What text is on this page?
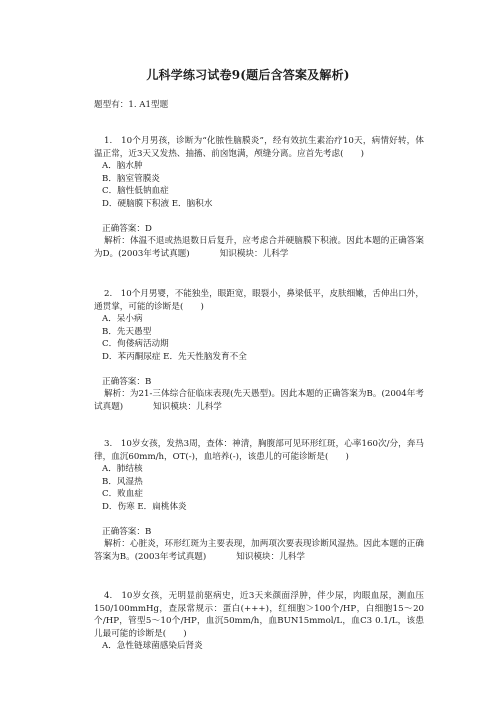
儿科学练习试卷9(题后含答案及解析)
题型有：1. A1型题

1.　10个月男孩，诊断为“化脓性脑膜炎”，经有效抗生素治疗10天，病情好转，体温正常，近3天又发热、抽搐、前囟饱满，颅缝分离。应首先考虑(　　)

A．脑水肿

B．脑室管膜炎

C．脑性低钠血症

D．硬脑膜下积液 E．脑积水

正确答案：D

解析：体温不退或热退数日后复升，应考虑合并硬脑膜下积液。因此本题的正确答案为D。(2003年考试真题)	知识模块：儿科学

2.　10个月男婴，不能独坐，眼距宽，眼裂小，鼻梁低平，皮肤细嫩，舌伸出口外，通贯掌，可能的诊断是(　　)

A．呆小病

B．先天愚型

C．佝偻病活动期

D．苯丙酮尿症 E．先天性脑发育不全

正确答案：B

解析：为21-三体综合征临床表现(先天愚型)。因此本题的正确答案为B。(2004年考试真题)	知识模块：儿科学

3.　10岁女孩，发热3周，查体：神清，胸腹部可见环形红斑，心率160次/分，奔马律，血沉60mm/h，OT(-)，血培养(-)，该患儿的可能诊断是(　　)

A．肺结核

B．风湿热

C．败血症

D．伤寒 E．扁桃体炎

正确答案：B

解析：心脏炎，环形红斑为主要表现，加两项次要表现诊断风湿热。因此本题的正确答案为B。(2003年考试真题)	知识模块：儿科学

4.　10岁女孩，无明显前驱病史，近3天来颜面浮肿，伴少尿，肉眼血尿，测血压150/100mmHg，查尿常规示：蛋白(+++)，红细胞＞100个/HP，白细胞15～20个/HP，管型5～10个/HP，血沉50mm/h，血BUN15mmol/L，血C3 0.1/L，该患儿最可能的诊断是(　　)

A．急性链球菌感染后肾炎
